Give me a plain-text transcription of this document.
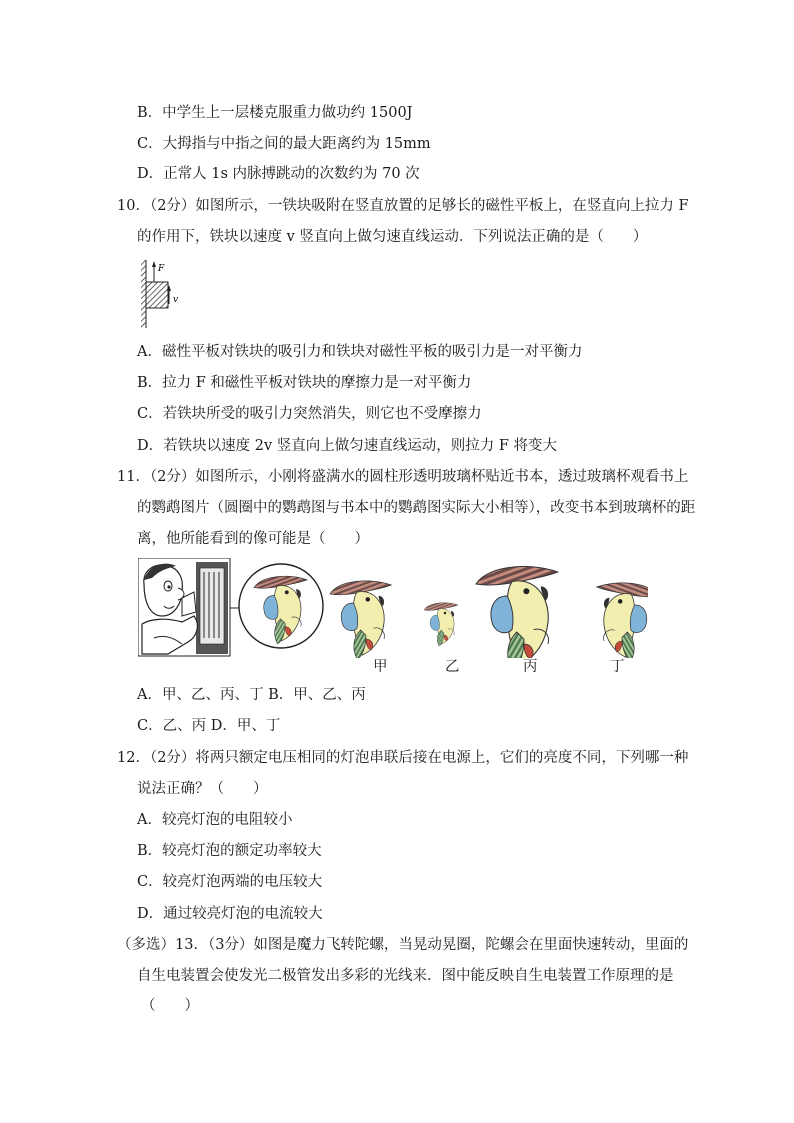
B．中学生上一层楼克服重力做功约 1500J
C．大拇指与中指之间的最大距离约为 15mm
D．正常人 1s 内脉搏跳动的次数约为 70 次
10．（2分）如图所示，一铁块吸附在竖直放置的足够长的磁性平板上，在竖直向上拉力 F
的作用下，铁块以速度 v 竖直向上做匀速直线运动．下列说法正确的是（　　）
F
v
A．磁性平板对铁块的吸引力和铁块对磁性平板的吸引力是一对平衡力
B．拉力 F 和磁性平板对铁块的摩擦力是一对平衡力
C．若铁块所受的吸引力突然消失，则它也不受摩擦力
D．若铁块以速度 2v 竖直向上做匀速直线运动，则拉力 F 将变大
11．（2分）如图所示，小刚将盛满水的圆柱形透明玻璃杯贴近书本，透过玻璃杯观看书上
的鹦鹉图片（圆圈中的鹦鹉图与书本中的鹦鹉图实际大小相等），改变书本到玻璃杯的距
离，他所能看到的像可能是（　　）
甲	乙	丙	丁
A．甲、乙、丙、丁 B．甲、乙、丙
C．乙、丙 D．甲、丁
12．（2分）将两只额定电压相同的灯泡串联后接在电源上，它们的亮度不同，下列哪一种
说法正确？（　　）
A．较亮灯泡的电阻较小
B．较亮灯泡的额定功率较大
C．较亮灯泡两端的电压较大
D．通过较亮灯泡的电流较大
（多选）13．（3分）如图是魔力飞转陀螺，当晃动晃圈，陀螺会在里面快速转动，里面的
自生电装置会使发光二极管发出多彩的光线来．图中能反映自生电装置工作原理的是
（　　）
